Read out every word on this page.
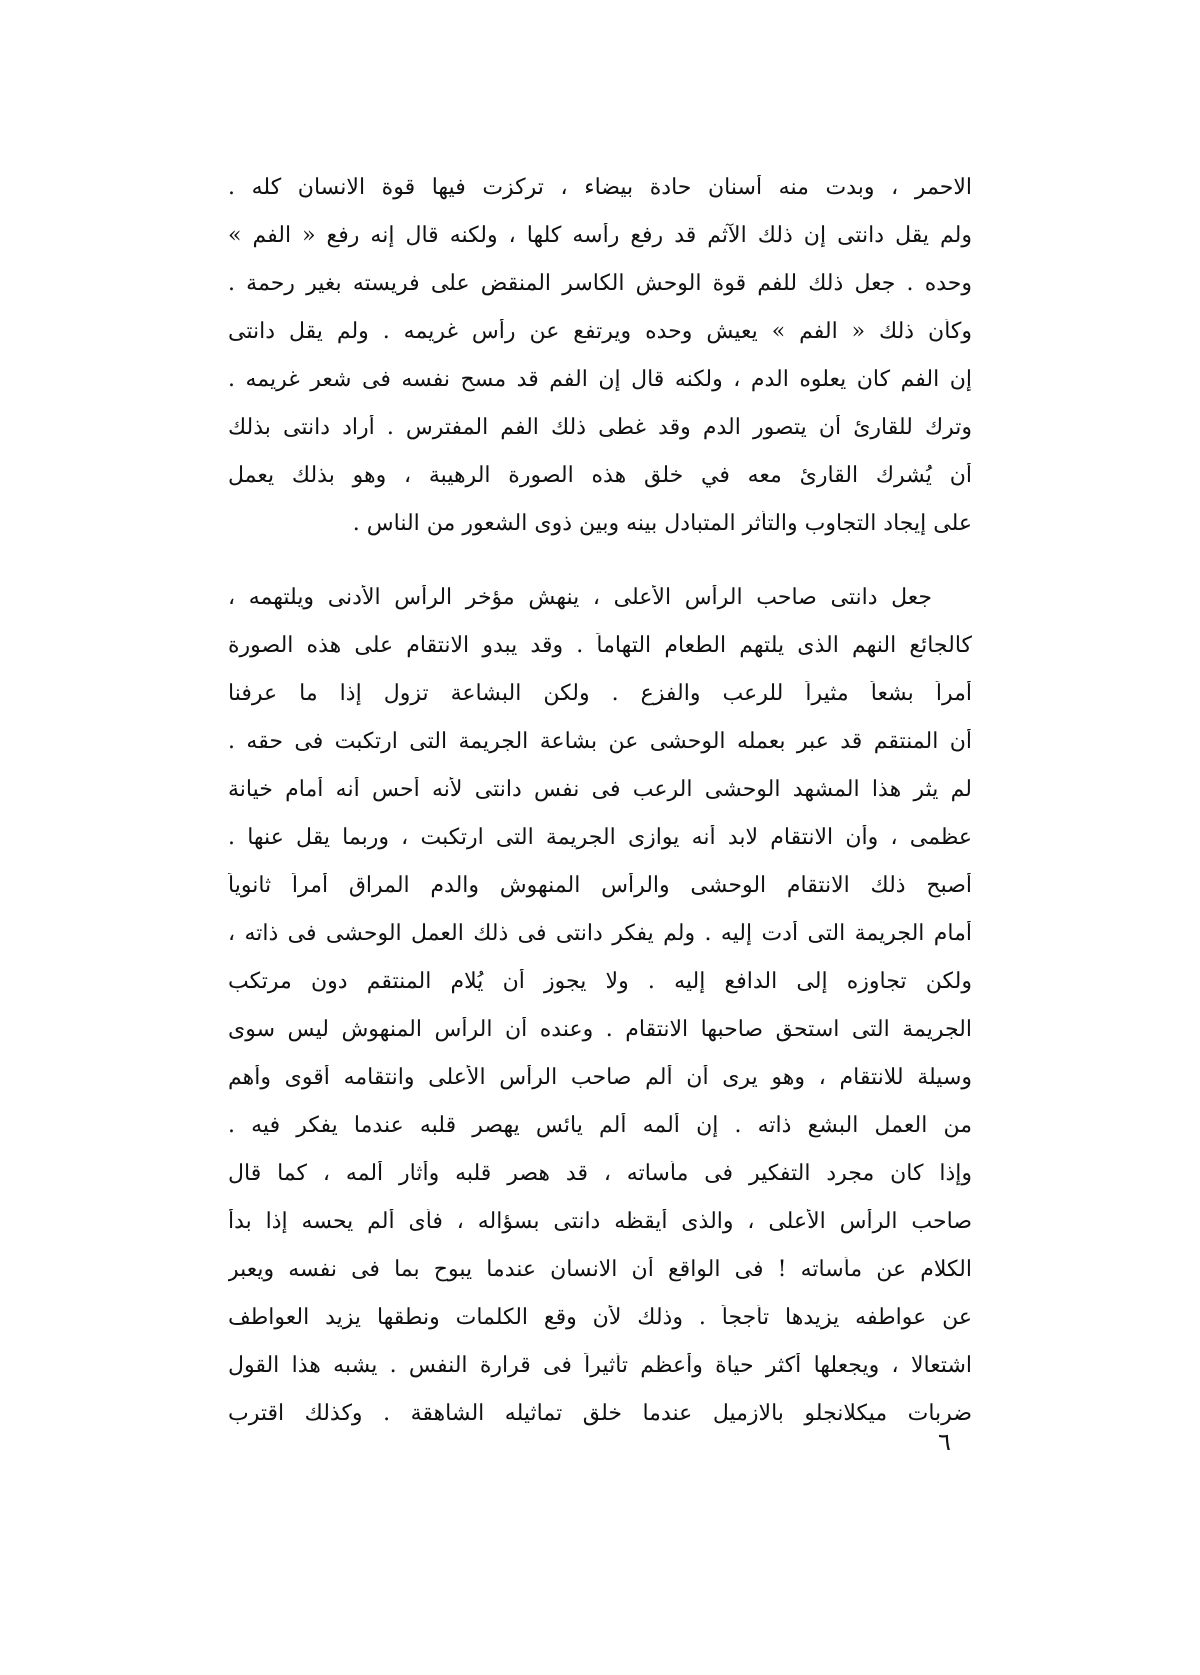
الاحمر ، وبدت منه أسنان حادة بيضاء ، تركزت فيها قوة الانسان كله .
ولم يقل دانتى إن ذلك الآثم قد رفع رأسه كلها ، ولكنه قال إنه رفع « الفم »
وحده . جعل ذلك للفم قوة الوحش الكاسر المنقض على فريسته بغير رحمة .
وكأن ذلك « الفم » يعيش وحده ويرتفع عن رأس غريمه . ولم يقل دانتى
إن الفم كان يعلوه الدم ، ولكنه قال إن الفم قد مسح نفسه فى شعر غريمه .
وترك للقارئ أن يتصور الدم وقد غطى ذلك الفم المفترس . أراد دانتى بذلك
أن يُشرك القارئ معه في خلق هذه الصورة الرهيبة ، وهو بذلك يعمل
على إيجاد التجاوب والتأثر المتبادل بينه وبين ذوى الشعور من الناس .
جعل دانتى صاحب الرأس الأعلى ، ينهش مؤخر الرأس الأدنى ويلتهمه ،
كالجائع النهم الذى يلتهم الطعام التهاماً . وقد يبدو الانتقام على هذه الصورة
أمراً بشعاً مثيراً للرعب والفزع . ولكن البشاعة تزول إذا ما عرفنا
أن المنتقم قد عبر بعمله الوحشى عن بشاعة الجريمة التى ارتكبت فى حقه .
لم يثر هذا المشهد الوحشى الرعب فى نفس دانتى لأنه أحس أنه أمام خيانة
عظمى ، وأن الانتقام لابد أنه يوازى الجريمة التى ارتكبت ، وربما يقل عنها .
أصبح ذلك الانتقام الوحشى والرأس المنهوش والدم المراق أمراً ثانوياً
أمام الجريمة التى أدت إليه . ولم يفكر دانتى فى ذلك العمل الوحشى فى ذاته ،
ولكن تجاوزه إلى الدافع إليه . ولا يجوز أن يُلام المنتقم دون مرتكب
الجريمة التى استحق صاحبها الانتقام . وعنده أن الرأس المنهوش ليس سوى
وسيلة للانتقام ، وهو يرى أن ألم صاحب الرأس الأعلى وانتقامه أقوى وأهم
من العمل البشع ذاته . إن ألمه ألم يائس يهصر قلبه عندما يفكر فيه .
وإذا كان مجرد التفكير فى مأساته ، قد هصر قلبه وأثار ألمه ، كما قال
صاحب الرأس الأعلى ، والذى أيقظه دانتى بسؤاله ، فأى ألم يحسه إذا بدأ
الكلام عن مأساته ! فى الواقع أن الانسان عندما يبوح بما فى نفسه ويعبر
عن عواطفه يزيدها تأججاً . وذلك لأن وقع الكلمات ونطقها يزيد العواطف
اشتعالا ، ويجعلها أكثر حياة وأعظم تأثيراً فى قرارة النفس . يشبه هذا القول
ضربات ميكلانجلو بالازميل عندما خلق تماثيله الشاهقة . وكذلك اقترب
٦
